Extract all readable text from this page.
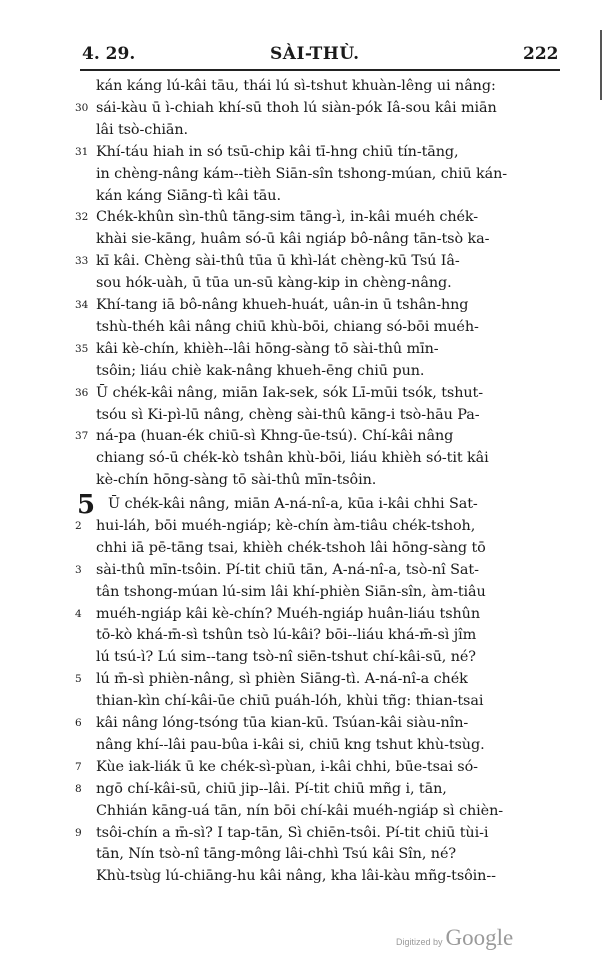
4. 29.	SÀI-THÙ.	222
5
kán káng lú-kâi tāu, thái lú sì-tshut khuàn-lêng ui nâng:
30 sái-kàu ū ì-chiah khí-sū thoh lú siàn-pók Iâ-sou kâi miān
lâi tsò-chiān.
31 Khí-táu hiah in só tsū-chip kâi tī-hng chiū tín-tāng,
in chèng-nâng kám--tièh Siān-sîn tshong-múan, chiū kán-
kán káng Siāng-tì kâi tāu.
32 Chék-khûn sìn-thû tāng-sim tāng-ì, in-kâi muéh chék-
khài sie-kāng, huâm só-ū kâi ngiáp bô-nâng tān-tsò ka-
33 kī kâi. Chèng sài-thû tūa ū khì-lát chèng-kū Tsú Iâ-
sou hók-uàh, ū tūa un-sū kàng-kip in chèng-nâng.
34 Khí-tang iā bô-nâng khueh-huát, uân-in ū tshân-hng
tshù-théh kâi nâng chiū khù-bōi, chiang só-bōi muéh-
35 kâi kè-chín, khièh--lâi hōng-sàng tō sài-thû mīn-
tsôin; liáu chiè kak-nâng khueh-ēng chiū pun.
36 Ū chék-kâi nâng, miān Iak-sek, sók Lī-mūi tsók, tshut-
tsóu sì Ki-pì-lū nâng, chèng sài-thû kāng-i tsò-hāu Pa-
37 ná-pa (huan-ék chiū-sì Khng-ūe-tsú). Chí-kâi nâng
chiang só-ū chék-kò tshân khù-bōi, liáu khièh só-tit kâi
kè-chín hōng-sàng tō sài-thû mīn-tsôin.
Ū chék-kâi nâng, miān A-ná-nî-a, kūa i-kâi chhi Sat-
2 hui-láh, bōi muéh-ngiáp; kè-chín àm-tiâu chék-tshoh,
chhi iā pē-tāng tsai, khièh chék-tshoh lâi hōng-sàng tō
3 sài-thû mīn-tsôin. Pí-tit chiū tān, A-ná-nî-a, tsò-nî Sat-
tân tshong-múan lú-sim lâi khí-phièn Siān-sîn, àm-tiâu
4 muéh-ngiáp kâi kè-chín? Muéh-ngiáp huân-liáu tshûn
tō-kò khá-m̄-sì tshûn tsò lú-kâi? bōi--liáu khá-m̄-sì jîm
lú tsú-ì? Lú sim--tang tsò-nî siēn-tshut chí-kâi-sū, né?
5 lú m̄-sì phièn-nâng, sì phièn Siāng-tì. A-ná-nî-a chék
thian-kìn chí-kâi-ūe chiū puáh-lóh, khùi tñg: thian-tsai
6 kâi nâng lóng-tsóng tūa kian-kū. Tsúan-kâi siàu-nîn-
nâng khí--lâi pau-bûa i-kâi si, chiū kng tshut khù-tsùg.
7 Kùe iak-liák ū ke chék-sì-pùan, i-kâi chhi, būe-tsai só-
8 ngō chí-kâi-sū, chiū jip--lâi. Pí-tit chiū mñg i, tān,
Chhián kāng-uá tān, nín bōi chí-kâi muéh-ngiáp sì chièn-
9 tsôi-chín a m̄-sì? I tap-tān, Sì chiēn-tsôi. Pí-tit chiū tùi-i
tān, Nín tsò-nî tāng-mông lâi-chhì Tsú kâi Sîn, né?
Khù-tsùg lú-chiāng-hu kâi nâng, kha lâi-kàu mñg-tsôin--
Digitized by Google
